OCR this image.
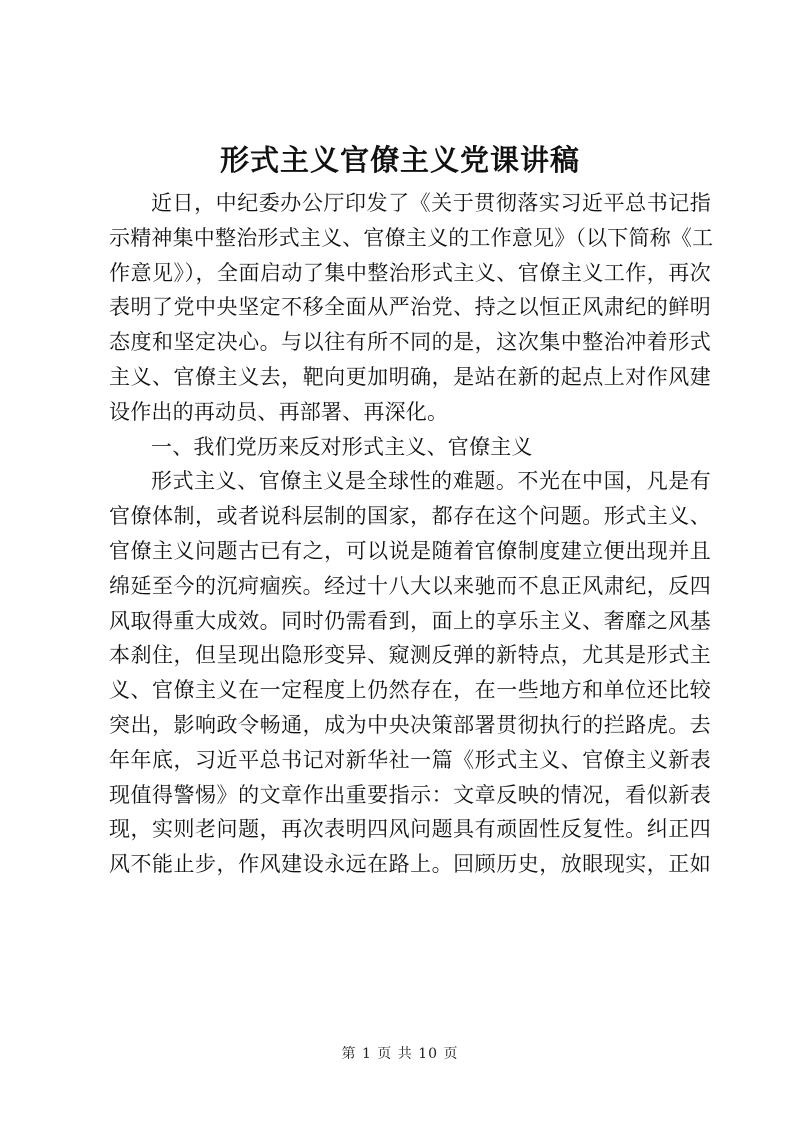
形式主义官僚主义党课讲稿
近日，中纪委办公厅印发了《关于贯彻落实习近平总书记指
示精神集中整治形式主义、官僚主义的工作意见》（以下简称《工
作意见》），全面启动了集中整治形式主义、官僚主义工作，再次
表明了党中央坚定不移全面从严治党、持之以恒正风肃纪的鲜明
态度和坚定决心。与以往有所不同的是，这次集中整治冲着形式
主义、官僚主义去，靶向更加明确，是站在新的起点上对作风建
设作出的再动员、再部署、再深化。
一、我们党历来反对形式主义、官僚主义
形式主义、官僚主义是全球性的难题。不光在中国，凡是有
官僚体制，或者说科层制的国家，都存在这个问题。形式主义、
官僚主义问题古已有之，可以说是随着官僚制度建立便出现并且
绵延至今的沉疴痼疾。经过十八大以来驰而不息正风肃纪，反四
风取得重大成效。同时仍需看到，面上的享乐主义、奢靡之风基
本刹住，但呈现出隐形变异、窥测反弹的新特点，尤其是形式主
义、官僚主义在一定程度上仍然存在，在一些地方和单位还比较
突出，影响政令畅通，成为中央决策部署贯彻执行的拦路虎。去
年年底，习近平总书记对新华社一篇《形式主义、官僚主义新表
现值得警惕》的文章作出重要指示：文章反映的情况，看似新表
现，实则老问题，再次表明四风问题具有顽固性反复性。纠正四
风不能止步，作风建设永远在路上。回顾历史，放眼现实，正如
第 1 页 共 10 页
